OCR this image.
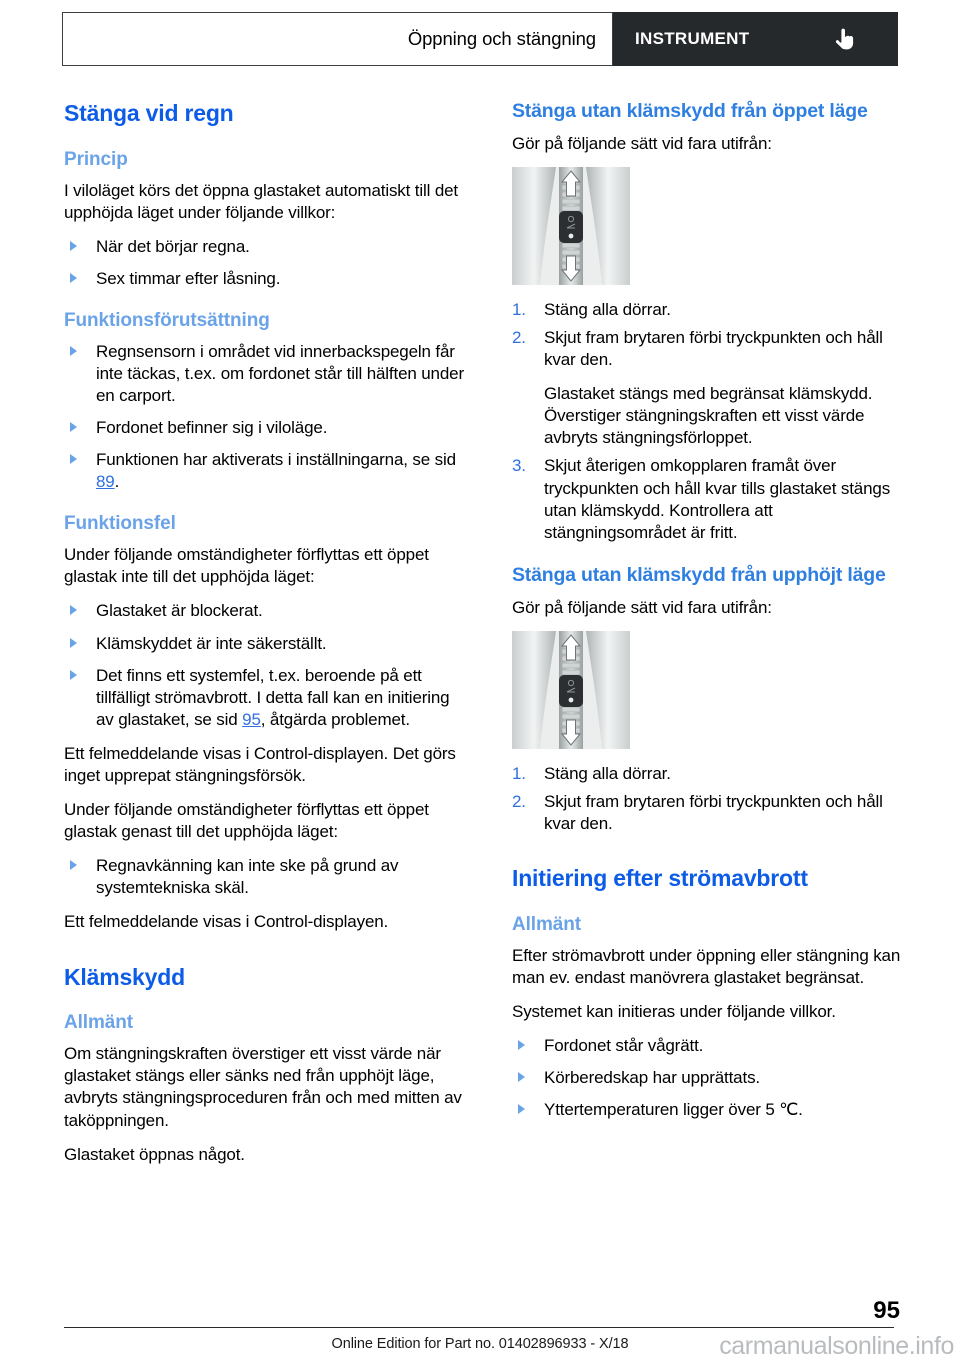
Öppning och stängning INSTRUMENT
Stänga vid regn
Princip

I viloläget körs det öppna glastaket automatiskt till det upphöjda läget under följande villkor:

När det börjar regna.
Sex timmar efter låsning.
Funktionsförutsättning
Regnsensorn i området vid innerbackspegeln får inte täckas, t.ex. om fordonet står till hälften under en carport.
Fordonet befinner sig i viloläge.
Funktionen har aktiverats i inställningarna, se sid 89.
Funktionsfel

Under följande omständigheter förflyttas ett öppet glastak inte till det upphöjda läget:

Glastaket är blockerat.
Klämskyddet är inte säkerställt.
Det finns ett systemfel, t.ex. beroende på ett tillfälligt strömavbrott. I detta fall kan en initiering av glastaket, se sid 95, åtgärda problemet.

Ett felmeddelande visas i Control-displayen. Det görs inget upprepat stängningsförsök.

Under följande omständigheter förflyttas ett öppet glastak genast till det upphöjda läget:

Regnavkänning kan inte ske på grund av systemtekniska skäl.

Ett felmeddelande visas i Control-displayen.

Klämskydd
Allmänt

Om stängningskraften överstiger ett visst värde när glastaket stängs eller sänks ned från upphöjt läge, avbryts stängningsproceduren från och med mitten av taköppningen.

Glastaket öppnas något.

Stänga utan klämskydd från öppet läge

Gör på följande sätt vid fara utifrån:

1. Stäng alla dörrar.
2. Skjut fram brytaren förbi tryckpunkten och håll kvar den.
Glastaket stängs med begränsat klämskydd. Överstiger stängningskraften ett visst värde avbryts stängningsförloppet.
3. Skjut återigen omkopplaren framåt över tryckpunkten och håll kvar tills glastaket stängs utan klämskydd. Kontrollera att stängningsområdet är fritt.
Stänga utan klämskydd från upphöjt läge

Gör på följande sätt vid fara utifrån:

1. Stäng alla dörrar.
2. Skjut fram brytaren förbi tryckpunkten och håll kvar den.
Initiering efter strömavbrott
Allmänt

Efter strömavbrott under öppning eller stängning kan man ev. endast manövrera glastaket begränsat.

Systemet kan initieras under följande villkor.

Fordonet står vågrätt.
Körberedskap har upprättats.
Yttertemperaturen ligger över 5 ℃.
95
Online Edition for Part no. 01402896933 - X/18	carmanualsonline.info
